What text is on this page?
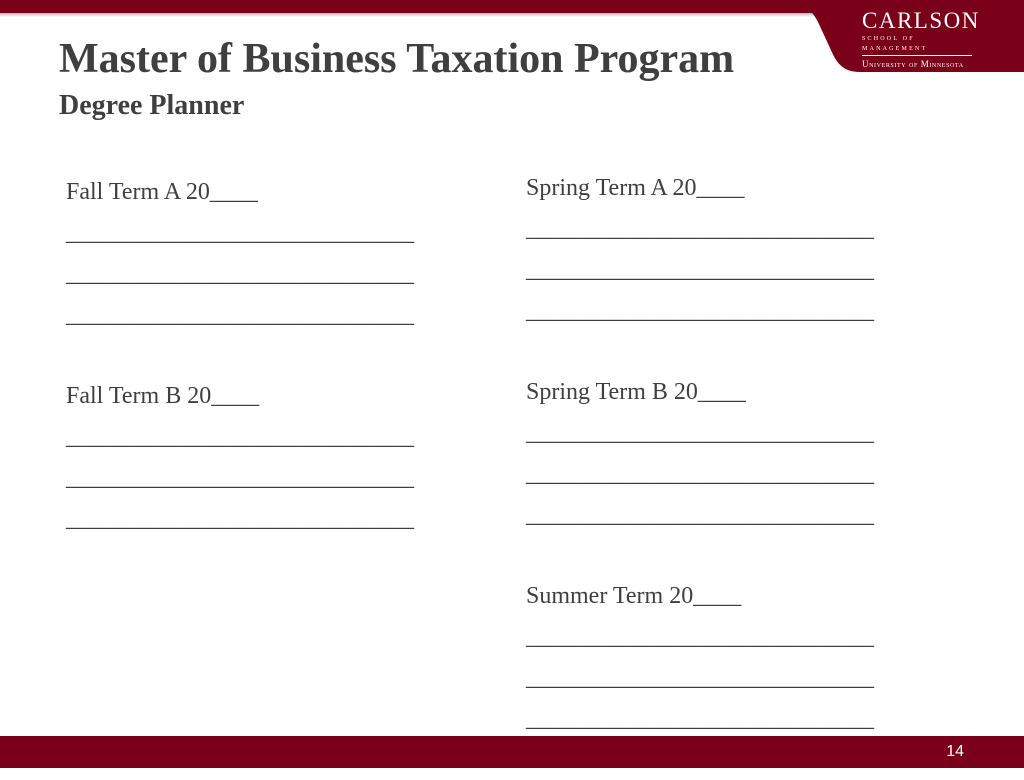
CARLSON
SCHOOL OF MANAGEMENT
University of Minnesota
Master of Business Taxation Program
Degree Planner
Fall Term A 20____
_____________________________
_____________________________
_____________________________
Fall Term B 20____
_____________________________
_____________________________
_____________________________
Spring Term A 20____
_____________________________
_____________________________
_____________________________
Spring Term B 20____
_____________________________
_____________________________
_____________________________
Summer Term 20____
_____________________________
_____________________________
_____________________________
14
